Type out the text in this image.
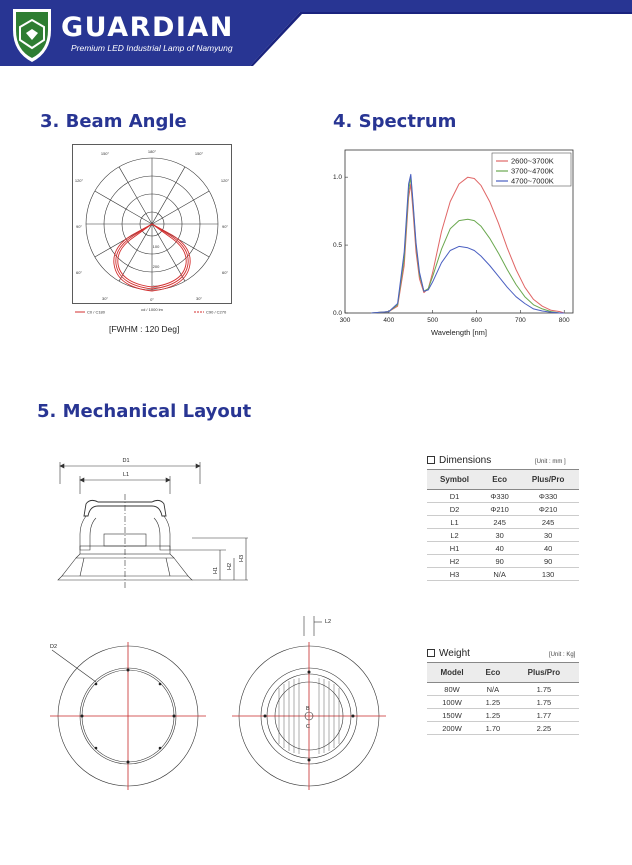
GUARDIAN
Premium LED Industrial Lamp of Namyung
3. Beam Angle
150°	180°	150°
120°	120°
90°	90°
60°	60°
30°	0°	30°
100
200
300
cd / 1000 lm
C0 / C180	C90 / C270
[FWHM : 120 Deg]
4. Spectrum
300	400	500	600	700	800
0.0
0.5
1.0
2600~3700K
3700~4700K
4700~7000K
Wavelength [nm]
5. Mechanical Layout
D1
L1
H1
H2
H3
D2
L2
B
C
Dimensions	[Unit : mm ]
Symbol	Eco	Plus/Pro
D1	Φ330	Φ330
D2	Φ210	Φ210
L1	245	245
L2	30	30
H1	40	40
H2	90	90
H3	N/A	130
Weight	[Unit : Kg]
Model	Eco	Plus/Pro
80W	N/A	1.75
100W	1.25	1.75
150W	1.25	1.77
200W	1.70	2.25
